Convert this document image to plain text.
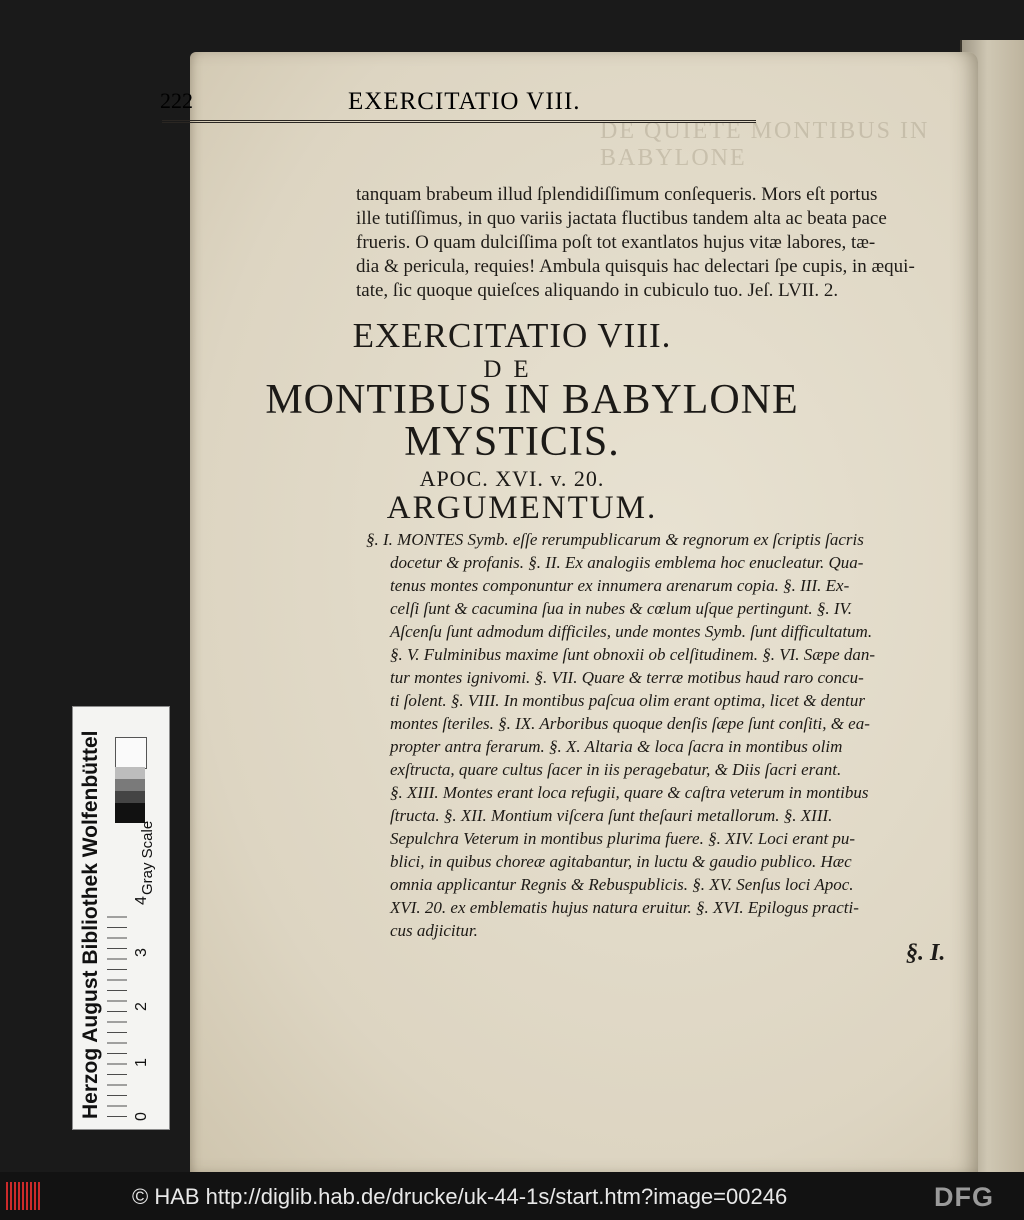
DE QUIETE MONTIBUS IN BABYLONE
222	EXERCITATIO VIII.
tanquam brabeum illud ſplendidiſſimum conſequeris. Mors eſt portus
ille tutiſſimus, in quo variis jactata fluctibus tandem alta ac beata pace
frueris. O quam dulciſſima poſt tot exantlatos hujus vitæ labores, tæ-
dia & pericula, requies! Ambula quisquis hac delectari ſpe cupis, in æqui-
tate, ſic quoque quieſces aliquando in cubiculo tuo. Jeſ. LVII. 2.
EXERCITATIO VIII.
DE
MONTIBUS IN BABYLONE
MYSTICIS.
APOC. XVI. v. 20.
ARGUMENTUM.
§. I. MONTES Symb. eſſe rerumpublicarum & regnorum ex ſcriptis ſacris
docetur & profanis. §. II. Ex analogiis emblema hoc enucleatur. Qua-
tenus montes componuntur ex innumera arenarum copia. §. III. Ex-
celſi ſunt & cacumina ſua in nubes & cœlum uſque pertingunt. §. IV.
Aſcenſu ſunt admodum difficiles, unde montes Symb. ſunt difficultatum.
§. V. Fulminibus maxime ſunt obnoxii ob celſitudinem. §. VI. Sæpe dan-
tur montes ignivomi. §. VII. Quare & terræ motibus haud raro concu-
ti ſolent. §. VIII. In montibus paſcua olim erant optima, licet & dentur
montes ſteriles. §. IX. Arboribus quoque denſis ſæpe ſunt conſiti, & ea-
propter antra ferarum. §. X. Altaria & loca ſacra in montibus olim
exſtructa, quare cultus ſacer in iis peragebatur, & Diis ſacri erant.
§. XIII. Montes erant loca refugii, quare & caſtra veterum in montibus
ſtructa. §. XII. Montium viſcera ſunt theſauri metallorum. §. XIII.
Sepulchra Veterum in montibus plurima fuere. §. XIV. Loci erant pu-
blici, in quibus choreæ agitabantur, in luctu & gaudio publico. Hæc
omnia applicantur Regnis & Rebuspublicis. §. XV. Senſus loci Apoc.
XVI. 20. ex emblematis hujus natura eruitur. §. XVI. Epilogus practi-
cus adjicitur.
§. I.
Herzog August Bibliothek Wolfenbüttel Gray Scale
0
1
2
3
4
© HAB http://diglib.hab.de/drucke/uk-44-1s/start.htm?image=00246	DFG
